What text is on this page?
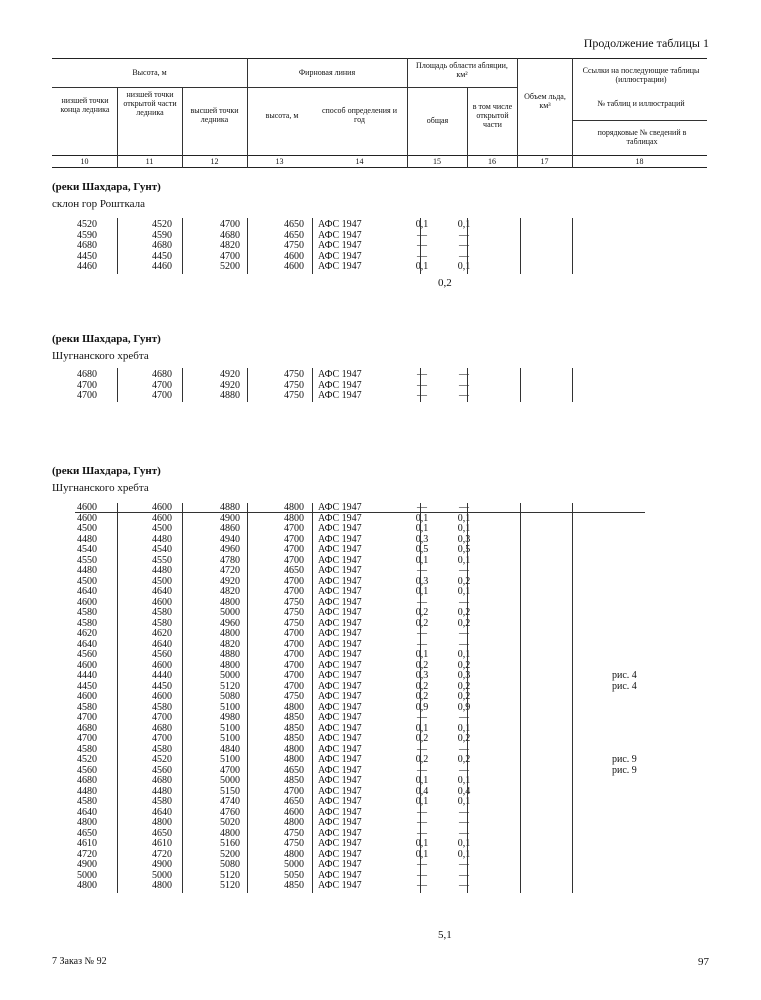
Продолжение таблицы 1
Высота, м	Фирновая линия
Площадь области абляции, км²
Объем льда, км³
Ссылки на последующие таблицы (иллюстрации)
низшей точки конца ледника
низшей точки открытой части ледника	высшей точки ледника	высота, м
способ определения и год	общая
в том числе открытой части
№ таблиц и иллюстраций
порядковые № сведений в таблицах
10	11	12	13	14	15	16	17	18
(реки Шахдара, Гунт)
склон гор Рошткала
4520	4520	4700	4650	АФС 1947	0,1	0,1		
4590	4590	4680	4650	АФС 1947	—	—		
4680	4680	4820	4750	АФС 1947	—	—		
4450	4450	4700	4600	АФС 1947	—	—		
4460	4460	5200	4600	АФС 1947	0,1	0,1		
0,2
(реки Шахдара, Гунт)
Шугнанского хребта
4680	4680	4920	4750	АФС 1947	—	—		
4700	4700	4920	4750	АФС 1947	—	—		
4700	4700	4880	4750	АФС 1947	—	—		
(реки Шахдара, Гунт)
Шугнанского хребта
4600	4600	4880	4800	АФС 1947	—	—		
4600	4600	4900	4800	АФС 1947	0,1	0,1		
4500	4500	4860	4700	АФС 1947	0,1	0,1		
4480	4480	4940	4700	АФС 1947	0,3	0,3		
4540	4540	4960	4700	АФС 1947	0,5	0,5		
4550	4550	4780	4700	АФС 1947	0,1	0,1		
4480	4480	4720	4650	АФС 1947	—	—		
4500	4500	4920	4700	АФС 1947	0,3	0,2		
4640	4640	4820	4700	АФС 1947	0,1	0,1		
4600	4600	4800	4750	АФС 1947	—	—		
4580	4580	5000	4750	АФС 1947	0,2	0,2		
4580	4580	4960	4750	АФС 1947	0,2	0,2		
4620	4620	4800	4700	АФС 1947	—	—		
4640	4640	4820	4700	АФС 1947	—	—		
4560	4560	4880	4700	АФС 1947	0,1	0,1		
4600	4600	4800	4700	АФС 1947	0,2	0,2		
4440	4440	5000	4700	АФС 1947	0,3	0,3		рис. 4
4450	4450	5120	4700	АФС 1947	0,2	0,2		рис. 4
4600	4600	5080	4750	АФС 1947	0,2	0,2		
4580	4580	5100	4800	АФС 1947	0,9	0,9		
4700	4700	4980	4850	АФС 1947	—	—		
4680	4680	5100	4850	АФС 1947	0,1	0,1		
4700	4700	5100	4850	АФС 1947	0,2	0,2		
4580	4580	4840	4800	АФС 1947	—	—		
4520	4520	5100	4800	АФС 1947	0,2	0,2		рис. 9
4560	4560	4700	4650	АФС 1947	—	—		рис. 9
4680	4680	5000	4850	АФС 1947	0,1	0,1		
4480	4480	5150	4700	АФС 1947	0,4	0,4		
4580	4580	4740	4650	АФС 1947	0,1	0,1		
4640	4640	4760	4600	АФС 1947	—	—		
4800	4800	5020	4800	АФС 1947	—	—		
4650	4650	4800	4750	АФС 1947	—	—		
4610	4610	5160	4750	АФС 1947	0,1	0,1		
4720	4720	5200	4800	АФС 1947	0,1	0,1		
4900	4900	5080	5000	АФС 1947	—	—		
5000	5000	5120	5050	АФС 1947	—	—		
4800	4800	5120	4850	АФС 1947	—	—		
5,1
7 Заказ № 92	97
